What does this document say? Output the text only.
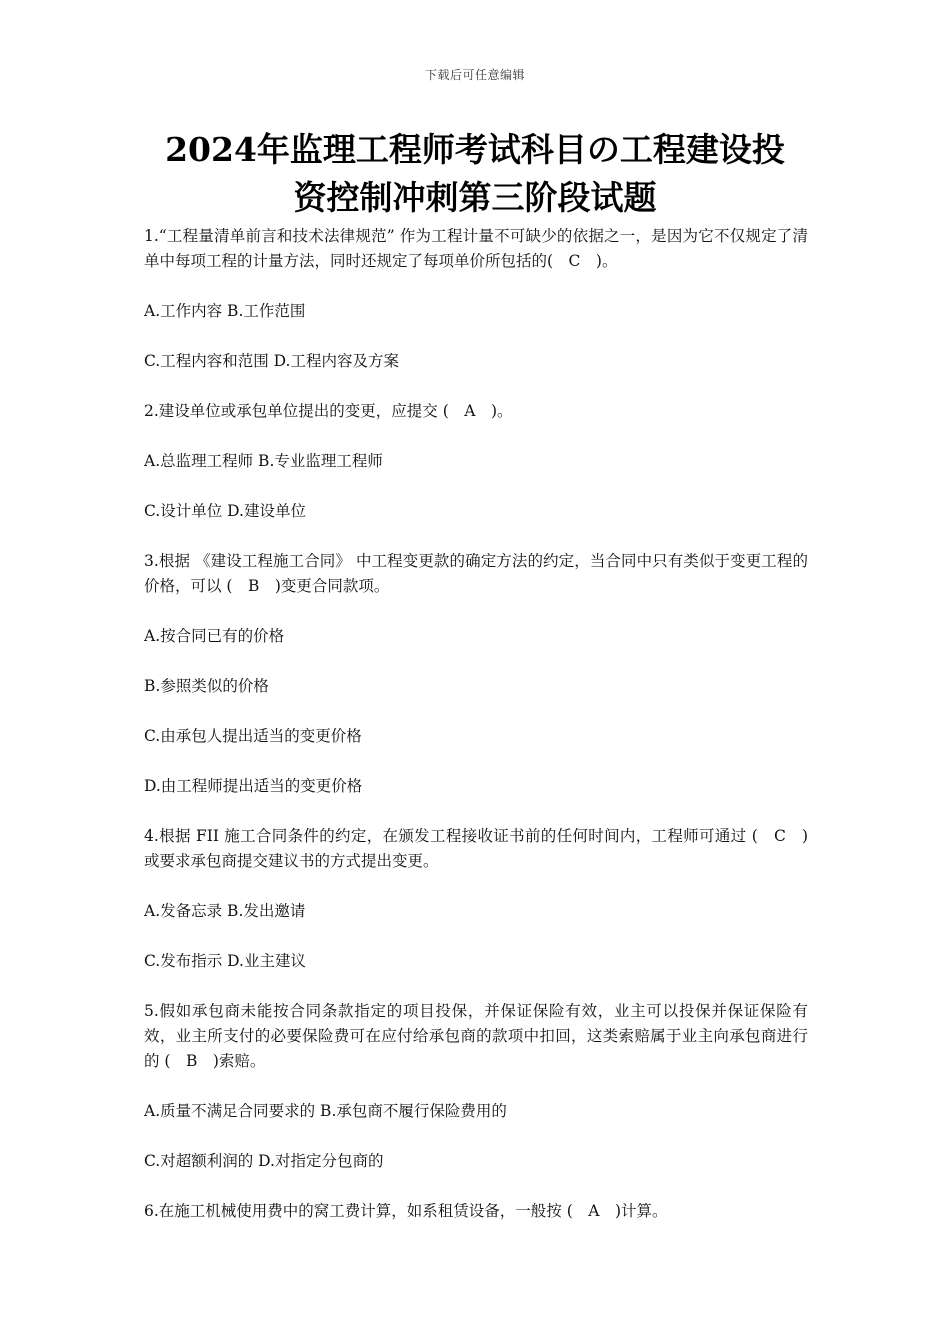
下载后可任意编辑
2024年监理工程师考试科目の工程建设投
资控制冲刺第三阶段试题

1.“工程量清单前言和技术法律规范” 作为工程计量不可缺少的依据之一，是因为它不仅规定了清单中每项工程的计量方法，同时还规定了每项单价所包括的(　C　)。

A.工作内容 B.工作范围

C.工程内容和范围 D.工程内容及方案

2.建设单位或承包单位提出的变更，应提交 (　A　)。

A.总监理工程师 B.专业监理工程师

C.设计单位 D.建设单位

3.根据 《建设工程施工合同》 中工程变更款的确定方法的约定，当合同中只有类似于变更工程的价格，可以 (　B　)变更合同款项。

A.按合同已有的价格

B.参照类似的价格

C.由承包人提出适当的变更价格

D.由工程师提出适当的变更价格

4.根据 FII 施工合同条件的约定，在颁发工程接收证书前的任何时间内，工程师可通过 (　C　)或要求承包商提交建议书的方式提出变更。

A.发备忘录 B.发出邀请

C.发布指示 D.业主建议

5.假如承包商未能按合同条款指定的项目投保，并保证保险有效，业主可以投保并保证保险有效，业主所支付的必要保险费可在应付给承包商的款项中扣回，这类索赔属于业主向承包商进行的 (　B　)索赔。

A.质量不满足合同要求的 B.承包商不履行保险费用的

C.对超额利润的 D.对指定分包商的

6.在施工机械使用费中的窝工费计算，如系租赁设备，一般按 (　A　)计算。
